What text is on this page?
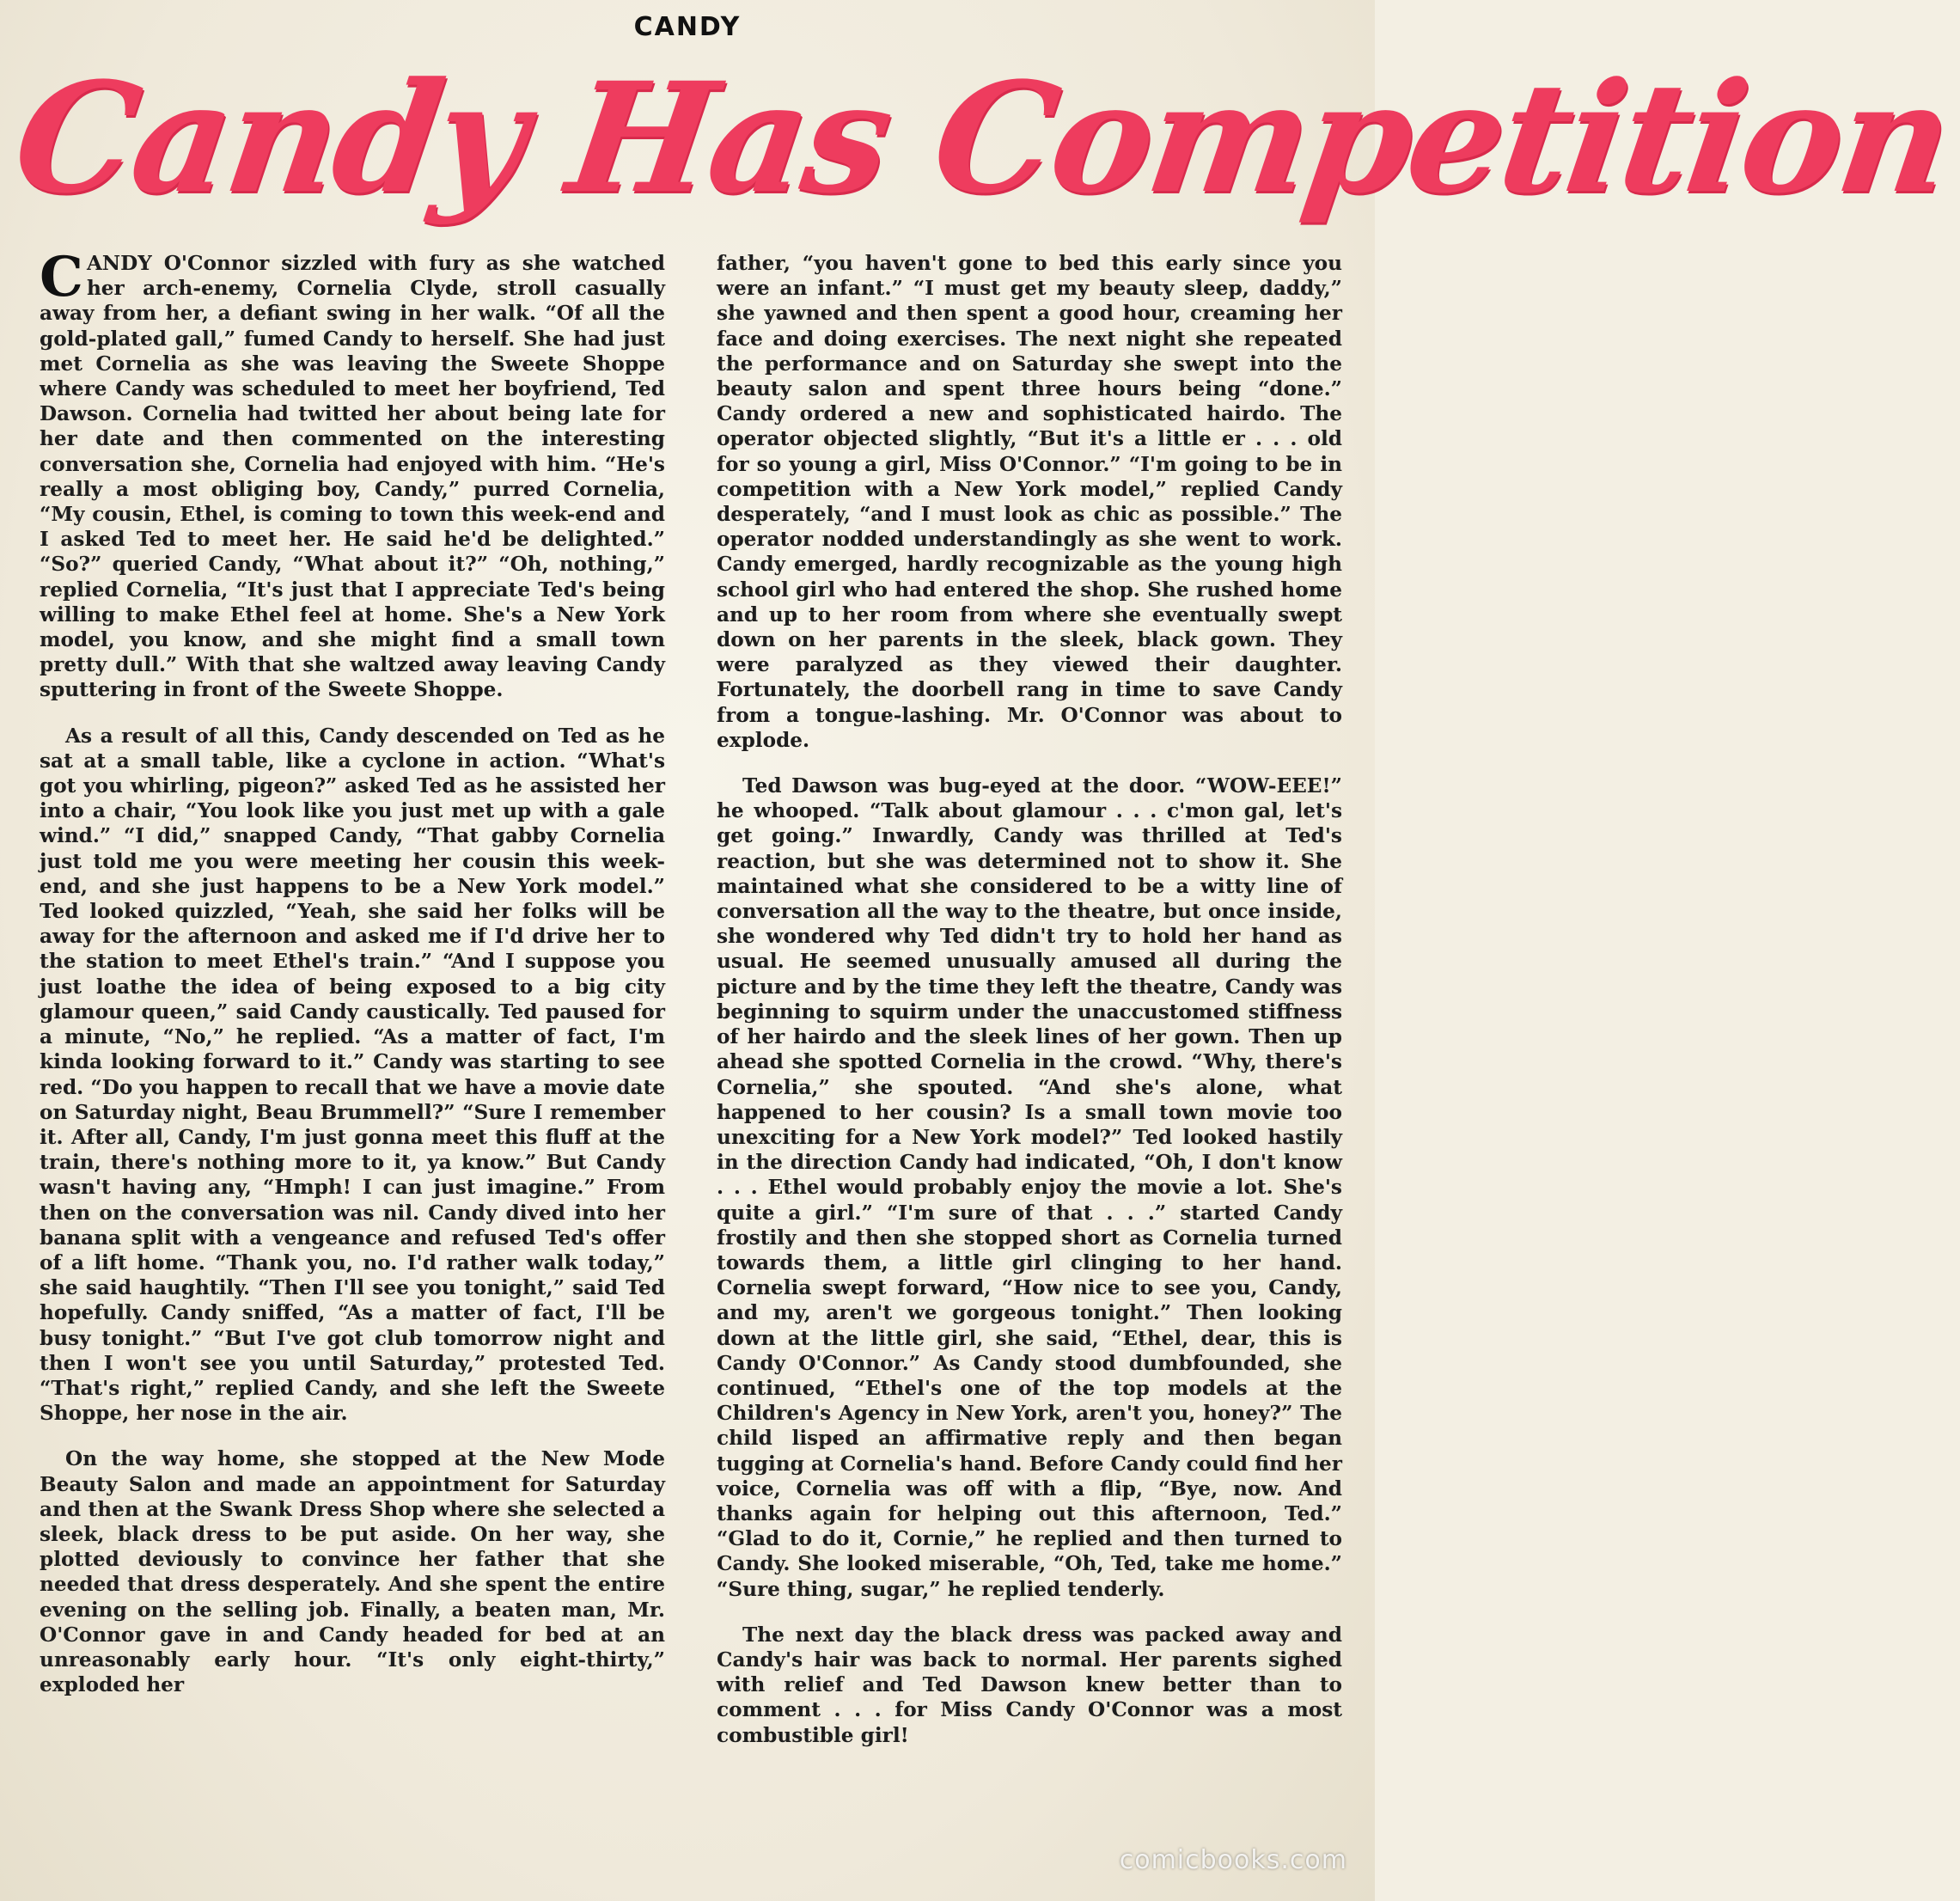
CANDY
Candy Has Competition

CANDY O'Connor sizzled with fury as she watched her arch-enemy, Cornelia Clyde, stroll casually away from her, a defiant swing in her walk. “Of all the gold-plated gall,” fumed Candy to herself. She had just met Cornelia as she was leaving the Sweete Shoppe where Candy was scheduled to meet her boyfriend, Ted Dawson. Cornelia had twitted her about being late for her date and then commented on the interesting conversation she, Cornelia had enjoyed with him. “He's really a most obliging boy, Candy,” purred Cornelia, “My cousin, Ethel, is coming to town this week-end and I asked Ted to meet her. He said he'd be delighted.” “So?” queried Candy, “What about it?” “Oh, nothing,” replied Cornelia, “It's just that I appreciate Ted's being willing to make Ethel feel at home. She's a New York model, you know, and she might find a small town pretty dull.” With that she waltzed away leaving Candy sputtering in front of the Sweete Shoppe.

As a result of all this, Candy descended on Ted as he sat at a small table, like a cyclone in action. “What's got you whirling, pigeon?” asked Ted as he assisted her into a chair, “You look like you just met up with a gale wind.” “I did,” snapped Candy, “That gabby Cornelia just told me you were meeting her cousin this week-end, and she just happens to be a New York model.” Ted looked quizzled, “Yeah, she said her folks will be away for the afternoon and asked me if I'd drive her to the station to meet Ethel's train.” “And I suppose you just loathe the idea of being exposed to a big city glamour queen,” said Candy caustically. Ted paused for a minute, “No,” he replied. “As a matter of fact, I'm kinda looking forward to it.” Candy was starting to see red. “Do you happen to recall that we have a movie date on Saturday night, Beau Brummell?” “Sure I remember it. After all, Candy, I'm just gonna meet this fluff at the train, there's nothing more to it, ya know.” But Candy wasn't having any, “Hmph! I can just imagine.” From then on the conversation was nil. Candy dived into her banana split with a vengeance and refused Ted's offer of a lift home. “Thank you, no. I'd rather walk today,” she said haughtily. “Then I'll see you tonight,” said Ted hopefully. Candy sniffed, “As a matter of fact, I'll be busy tonight.” “But I've got club tomorrow night and then I won't see you until Saturday,” protested Ted. “That's right,” replied Candy, and she left the Sweete Shoppe, her nose in the air.

On the way home, she stopped at the New Mode Beauty Salon and made an appointment for Saturday and then at the Swank Dress Shop where she selected a sleek, black dress to be put aside. On her way, she plotted deviously to convince her father that she needed that dress desperately. And she spent the entire evening on the selling job. Finally, a beaten man, Mr. O'Connor gave in and Candy headed for bed at an unreasonably early hour. “It's only eight-thirty,” exploded her

father, “you haven't gone to bed this early since you were an infant.” “I must get my beauty sleep, daddy,” she yawned and then spent a good hour, creaming her face and doing exercises. The next night she repeated the performance and on Saturday she swept into the beauty salon and spent three hours being “done.” Candy ordered a new and sophisticated hairdo. The operator objected slightly, “But it's a little er . . . old for so young a girl, Miss O'Connor.” “I'm going to be in competition with a New York model,” replied Candy desperately, “and I must look as chic as possible.” The operator nodded understandingly as she went to work. Candy emerged, hardly recognizable as the young high school girl who had entered the shop. She rushed home and up to her room from where she eventually swept down on her parents in the sleek, black gown. They were paralyzed as they viewed their daughter. Fortunately, the doorbell rang in time to save Candy from a tongue-lashing. Mr. O'Connor was about to explode.

Ted Dawson was bug-eyed at the door. “WOW-EEE!” he whooped. “Talk about glamour . . . c'mon gal, let's get going.” Inwardly, Candy was thrilled at Ted's reaction, but she was determined not to show it. She maintained what she considered to be a witty line of conversation all the way to the theatre, but once inside, she wondered why Ted didn't try to hold her hand as usual. He seemed unusually amused all during the picture and by the time they left the theatre, Candy was beginning to squirm under the unaccustomed stiffness of her hairdo and the sleek lines of her gown. Then up ahead she spotted Cornelia in the crowd. “Why, there's Cornelia,” she spouted. “And she's alone, what happened to her cousin? Is a small town movie too unexciting for a New York model?” Ted looked hastily in the direction Candy had indicated, “Oh, I don't know . . . Ethel would probably enjoy the movie a lot. She's quite a girl.” “I'm sure of that . . .” started Candy frostily and then she stopped short as Cornelia turned towards them, a little girl clinging to her hand. Cornelia swept forward, “How nice to see you, Candy, and my, aren't we gorgeous tonight.” Then looking down at the little girl, she said, “Ethel, dear, this is Candy O'Connor.” As Candy stood dumbfounded, she continued, “Ethel's one of the top models at the Children's Agency in New York, aren't you, honey?” The child lisped an affirmative reply and then began tugging at Cornelia's hand. Before Candy could find her voice, Cornelia was off with a flip, “Bye, now. And thanks again for helping out this afternoon, Ted.” “Glad to do it, Cornie,” he replied and then turned to Candy. She looked miserable, “Oh, Ted, take me home.” “Sure thing, sugar,” he replied tenderly.

The next day the black dress was packed away and Candy's hair was back to normal. Her parents sighed with relief and Ted Dawson knew better than to comment . . . for Miss Candy O'Connor was a most combustible girl!

comicbooks.com
